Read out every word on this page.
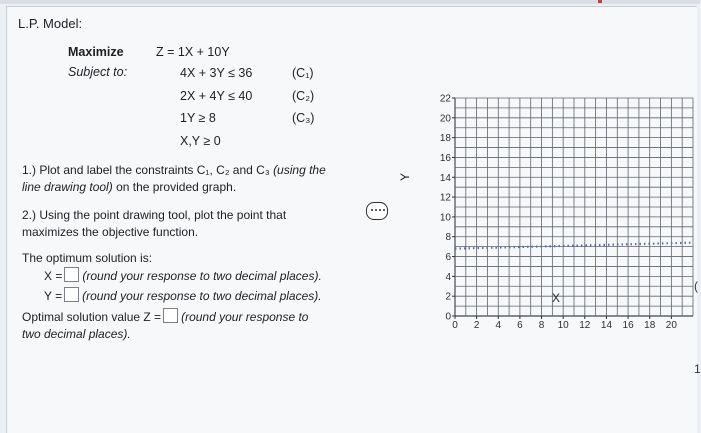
L.P. Model:
Maximize	Z = 1X + 10Y
Subject to:	4X + 3Y ≤ 36	(C₁)
2X + 4Y ≤ 40	(C₂)
1Y ≥ 8	(C₃)
X,Y ≥ 0
1.) Plot and label the constraints C₁, C₂ and C₃ (using the
line drawing tool) on the provided graph.
2.) Using the point drawing tool, plot the point that
maximizes the objective function.
The optimum solution is:
X = (round your response to two decimal places).
Y = (round your response to two decimal places).
Optimal solution value Z = (round your response to
two decimal places).
Y
22
20
18
16
14
12
10
8
6
4
2
0
0 2 4 6 8 10 12 14 16 18 20
X
(
1
